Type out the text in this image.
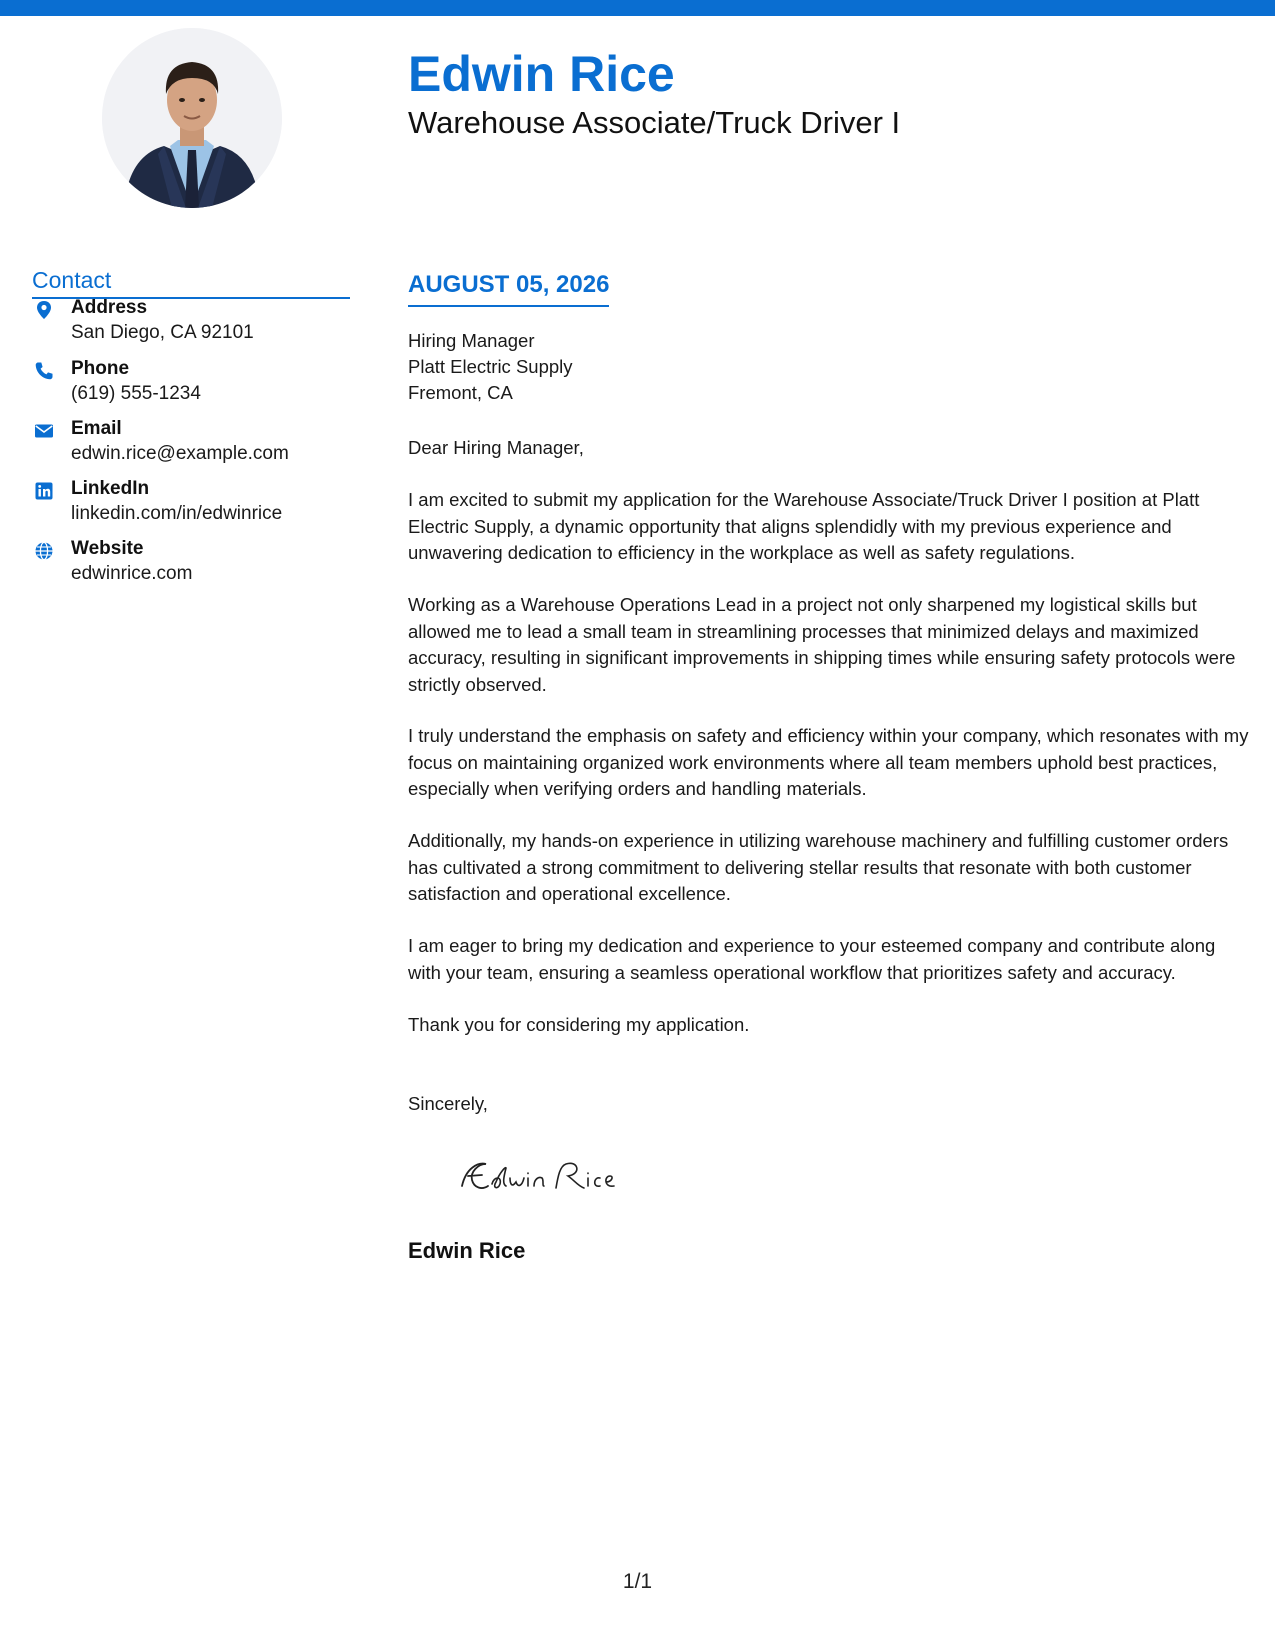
Edwin Rice
Warehouse Associate/Truck Driver I
Contact
Address
San Diego, CA 92101
Phone
(619) 555-1234
Email
edwin.rice@example.com
LinkedIn
linkedin.com/in/edwinrice
Website
edwinrice.com
AUGUST 05, 2026
Hiring Manager
Platt Electric Supply
Fremont, CA

Dear Hiring Manager,

I am excited to submit my application for the Warehouse Associate/Truck Driver I position at Platt Electric Supply, a dynamic opportunity that aligns splendidly with my previous experience and unwavering dedication to efficiency in the workplace as well as safety regulations.

Working as a Warehouse Operations Lead in a project not only sharpened my logistical skills but allowed me to lead a small team in streamlining processes that minimized delays and maximized accuracy, resulting in significant improvements in shipping times while ensuring safety protocols were strictly observed.

I truly understand the emphasis on safety and efficiency within your company, which resonates with my focus on maintaining organized work environments where all team members uphold best practices, especially when verifying orders and handling materials.

Additionally, my hands-on experience in utilizing warehouse machinery and fulfilling customer orders has cultivated a strong commitment to delivering stellar results that resonate with both customer satisfaction and operational excellence.

I am eager to bring my dedication and experience to your esteemed company and contribute along with your team, ensuring a seamless operational workflow that prioritizes safety and accuracy.

Thank you for considering my application.

Sincerely,

Edwin Rice
1/1
